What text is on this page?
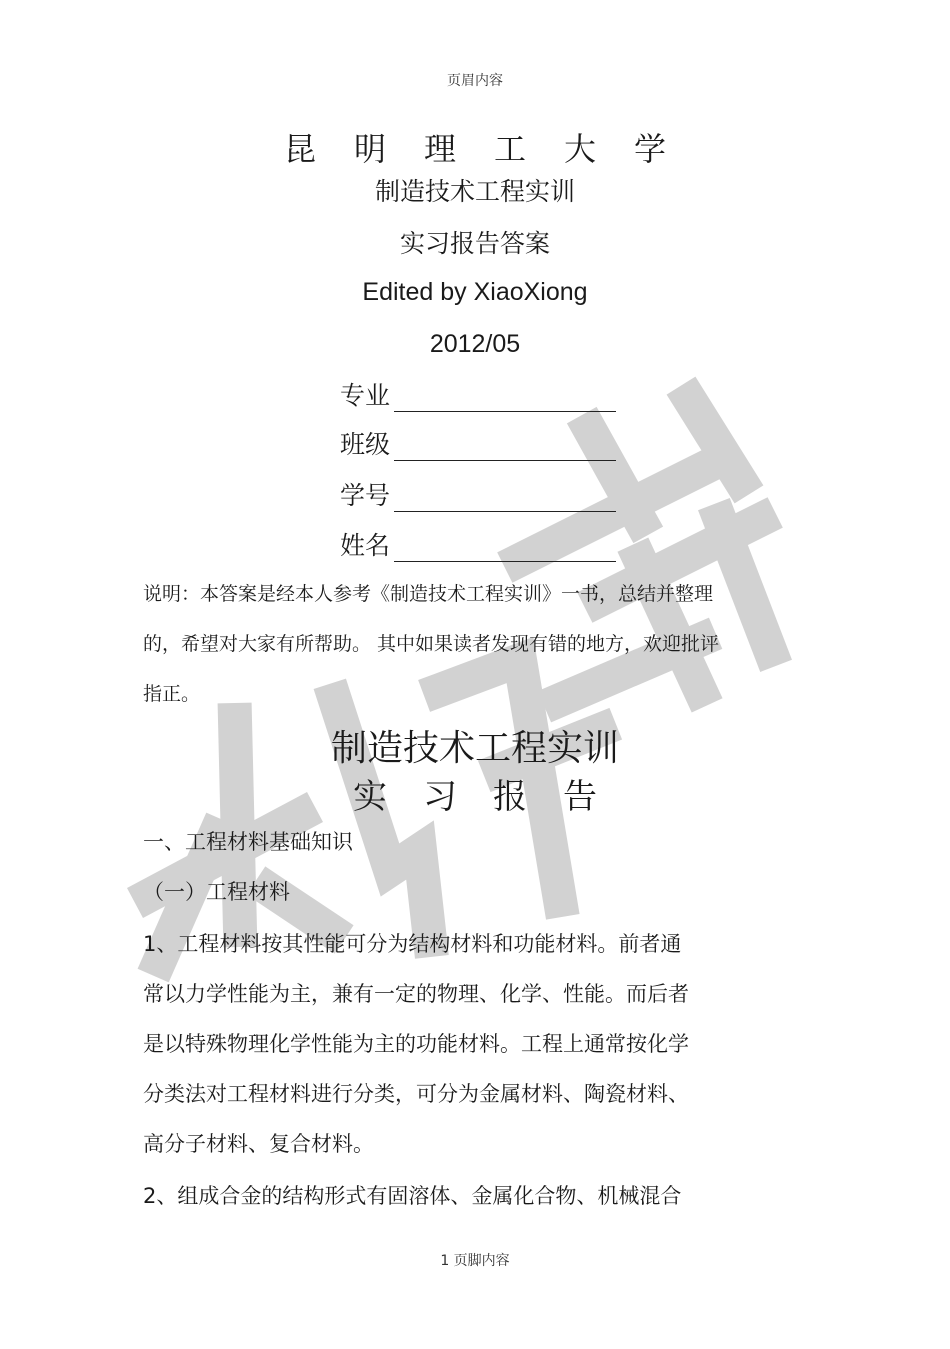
页眉内容
昆明理工大学
制造技术工程实训
实习报告答案
Edited by XiaoXiong
2012/05
专业
班级
学号
姓名
说明：本答案是经本人参考《制造技术工程实训》一书，总结并整理
的，希望对大家有所帮助。 其中如果读者发现有错的地方，欢迎批评
指正。
制造技术工程实训
实习报告
一、工程材料基础知识
（一）工程材料
1、工程材料按其性能可分为结构材料和功能材料。前者通
常以力学性能为主，兼有一定的物理、化学、性能。而后者
是以特殊物理化学性能为主的功能材料。工程上通常按化学
分类法对工程材料进行分类，可分为金属材料、陶瓷材料、
高分子材料、复合材料。
2、组成合金的结构形式有固溶体、金属化合物、机械混合
1 页脚内容
